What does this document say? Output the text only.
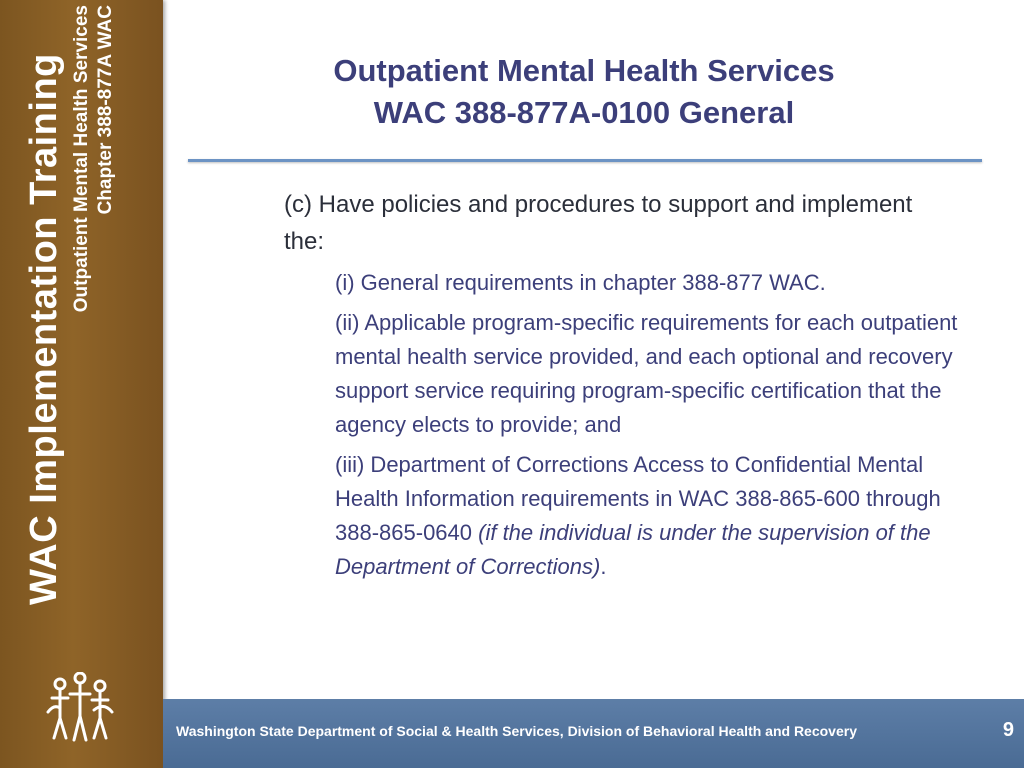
WAC Implementation Training Outpatient Mental Health Services Chapter 388-877A WAC	Outpatient Mental Health Services
WAC 388-877A-0100 General
(c) Have policies and procedures to support and implement the:
(i) General requirements in chapter 388-877 WAC.
(ii) Applicable program-specific requirements for each outpatient mental health service provided, and each optional and recovery support service requiring program-specific certification that the agency elects to provide; and
(iii) Department of Corrections Access to Confidential Mental Health Information requirements in WAC 388-865-600 through 388-865-0640 (if the individual is under the supervision of the Department of Corrections).
Washington State Department of Social & Health Services, Division of Behavioral Health and Recovery	9
